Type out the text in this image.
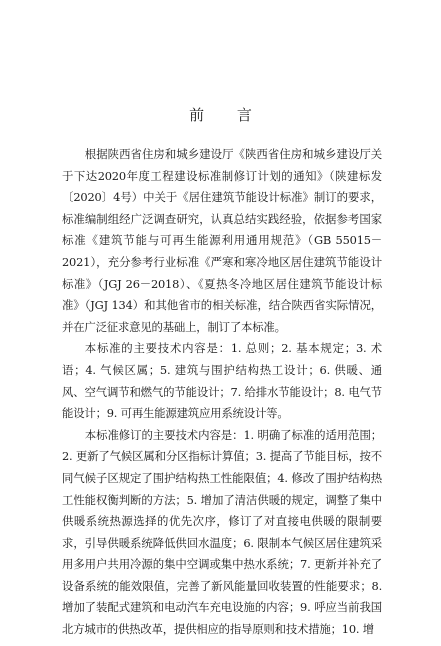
前 言

根据陕西省住房和城乡建设厅《陕西省住房和城乡建设厅关于下达2020年度工程建设标准制修订计划的通知》（陕建标发〔2020〕4号）中关于《居住建筑节能设计标准》制订的要求，标准编制组经广泛调查研究，认真总结实践经验，依据参考国家标准《建筑节能与可再生能源利用通用规范》（GB 55015－2021），充分参考行业标准《严寒和寒冷地区居住建筑节能设计标准》（JGJ 26－2018）、《夏热冬冷地区居住建筑节能设计标准》（JGJ 134）和其他省市的相关标准，结合陕西省实际情况，并在广泛征求意见的基础上，制订了本标准。

本标准的主要技术内容是：1. 总则；2. 基本规定；3. 术语；4. 气候区属；5. 建筑与围护结构热工设计；6. 供暖、通风、空气调节和燃气的节能设计；7. 给排水节能设计；8. 电气节能设计；9. 可再生能源建筑应用系统设计等。

本标准修订的主要技术内容是：1. 明确了标准的适用范围；2. 更新了气候区属和分区指标计算值；3. 提高了节能目标，按不同气候子区规定了围护结构热工性能限值；4. 修改了围护结构热工性能权衡判断的方法；5. 增加了清洁供暖的规定，调整了集中供暖系统热源选择的优先次序，修订了对直接电供暖的限制要求，引导供暖系统降低供回水温度；6. 限制本气候区居住建筑采用多用户共用冷源的集中空调或集中热水系统；7. 更新并补充了设备系统的能效限值，完善了新风能量回收装置的性能要求；8. 增加了装配式建筑和电动汽车充电设施的内容；9. 呼应当前我国北方城市的供热改革，提供相应的指导原则和技术措施；10. 增
